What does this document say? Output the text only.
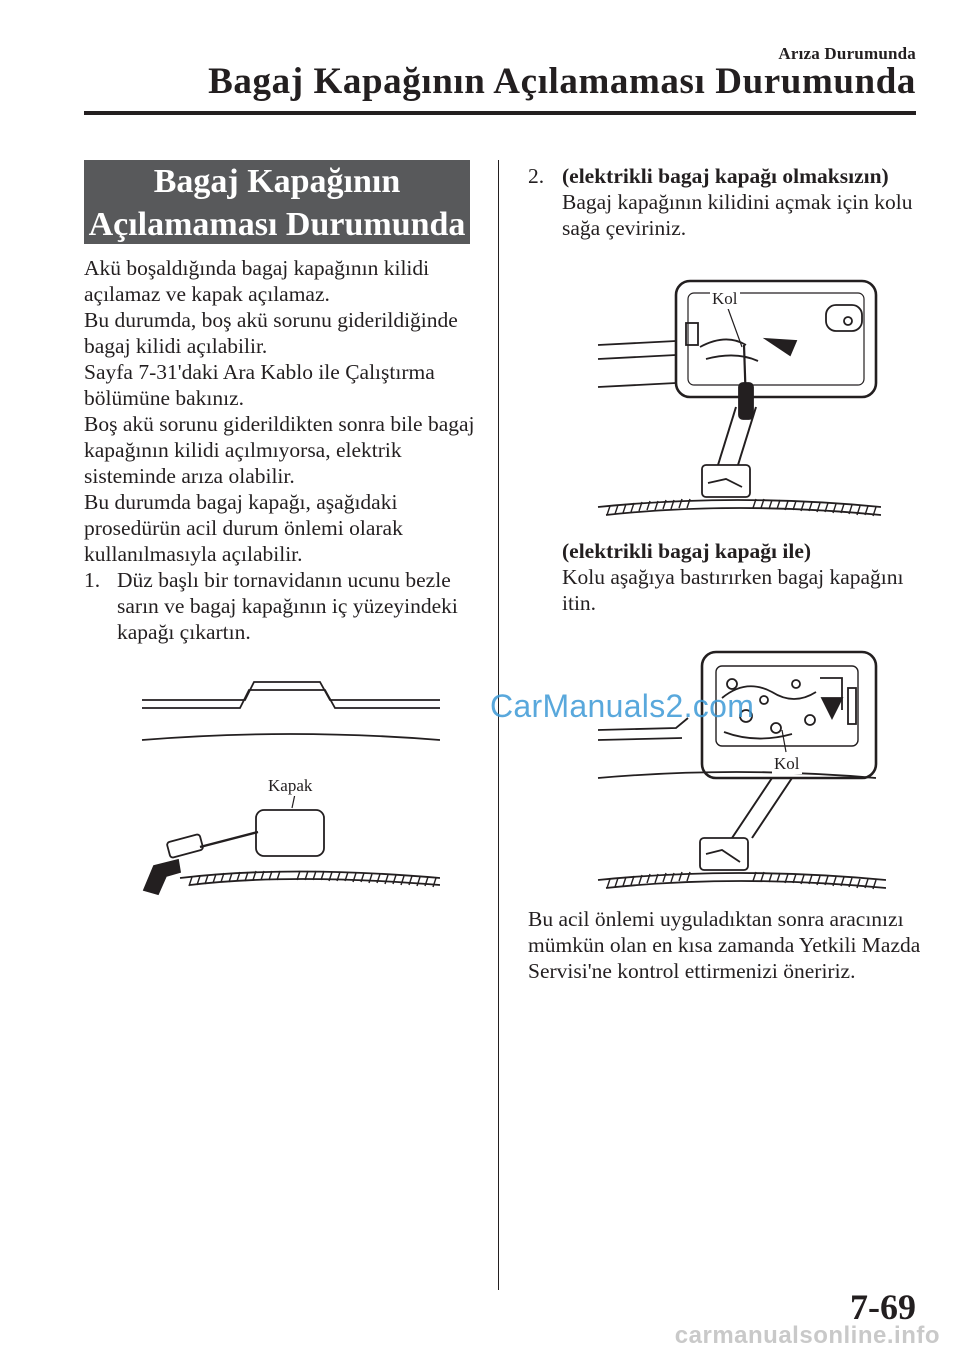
Arıza Durumunda
Bagaj Kapağının Açılamaması Durumunda
Bagaj Kapağının
Açılamaması Durumunda

Akü boşaldığında bagaj kapağının kilidi açılamaz ve kapak açılamaz.

Bu durumda, boş akü sorunu giderildiğinde bagaj kilidi açılabilir.

Sayfa 7-31'daki Ara Kablo ile Çalıştırma bölümüne bakınız.

Boş akü sorunu giderildikten sonra bile bagaj kapağının kilidi açılmıyorsa, elektrik sisteminde arıza olabilir.

Bu durumda bagaj kapağı, aşağıdaki prosedürün acil durum önlemi olarak kullanılmasıyla açılabilir.

1. Düz başlı bir tornavidanın ucunu bezle sarın ve bagaj kapağının iç yüzeyindeki kapağı çıkartın.
Kapak
2. (elektrikli bagaj kapağı olmaksızın)

Bagaj kapağının kilidini açmak için kolu sağa çeviriniz.

Kol

(elektrikli bagaj kapağı ile)

Kolu aşağıya bastırırken bagaj kapağını itin.

Kol

Bu acil önlemi uyguladıktan sonra aracınızı mümkün olan en kısa zamanda Yetkili Mazda Servisi'ne kontrol ettirmenizi öneririz.

7-69
CarManuals2.com
carmanualsonline.info
